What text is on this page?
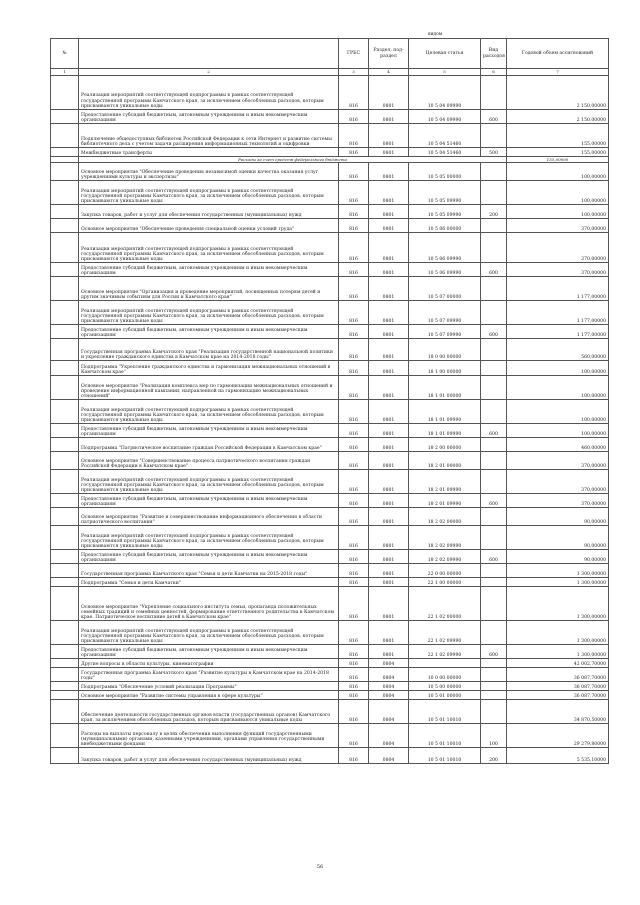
видом
№		ГРБС	Раздел, под-раздел	Целевая статья	Вид расходов	Годовой объем ассигнований
1	2	3	4	5	6	7
	Реализация мероприятий соответствующей подпрограммы в рамках соответствующей государственной программы Камчатского края, за исключением обособленных расходов, которым присваиваются уникальные коды	816	0801	10 5 04 09990		2 150,00000
	Предоставление субсидий бюджетным, автономным учреждениям и иным некоммерческим организациям	816	0801	10 5 04 09990	600	2 150,00000
	Подключение общедоступных библиотек Российской Федерации к сети Интернет и развитие системы библиотечного дела с учетом задачи расширения информационных технологий и оцифровки	816	0801	10 5 04 51460		155,00000
	Межбюджетные трансферты	816	0801	10 5 04 51460	500	155,00000
	Расходы за счет средств федерального бюджета					155,00000
	Основное мероприятие "Обеспечение проведения независимой оценки качества оказания услуг учреждениями культуры и экспертизы"	816	0801	10 5 05 00000		100,00000
	Реализация мероприятий соответствующей подпрограммы в рамках соответствующей государственной программы Камчатского края, за исключением обособленных расходов, которым присваиваются уникальные коды	816	0801	10 5 05 09990		100,00000
	Закупка товаров, работ и услуг для обеспечения государственных (муниципальных) нужд	816	0801	10 5 05 09990	200	100,00000
	Основное мероприятие "Обеспечение проведения специальной оценки условий труда"	816	0801	10 5 06 00000		370,00000
	Реализация мероприятий соответствующей подпрограммы в рамках соответствующей государственной программы Камчатского края, за исключением обособленных расходов, которым присваиваются уникальные коды	816	0801	10 5 06 09990		370,00000
	Предоставление субсидий бюджетным, автономным учреждениям и иным некоммерческим организациям	816	0801	10 5 06 09990	600	370,00000
	Основное мероприятие "Организация и проведение мероприятий, посвященных потерям детей и другим значимым событиям для России и Камчатского края"	816	0801	10 5 07 00000		1 177,00000
	Реализация мероприятий соответствующей подпрограммы в рамках соответствующей государственной программы Камчатского края, за исключением обособленных расходов, которым присваиваются уникальные коды	816	0801	10 5 07 09990		1 177,00000
	Предоставление субсидий бюджетным, автономным учреждениям и иным некоммерческим организациям	816	0801	10 5 07 09990	600	1 177,00000
	Государственная программа Камчатского края "Реализация государственной национальной политики и укрепление гражданского единства в Камчатском крае на 2014-2018 годы"	816	0801	18 0 00 00000		560,00000
	Подпрограмма "Укрепление гражданского единства и гармонизация межнациональных отношений в Камчатском крае"	816	0801	18 1 00 00000		100,00000
	Основное мероприятие "Реализация комплекса мер по гармонизации межнациональных отношений и проведение информационной кампании, направленной на гармонизацию межнациональных отношений"	816	0801	18 1 01 00000		100,00000
	Реализация мероприятий соответствующей подпрограммы в рамках соответствующей государственной программы Камчатского края, за исключением обособленных расходов, которым присваиваются уникальные коды	816	0801	18 1 01 09990		100,00000
	Предоставление субсидий бюджетным, автономным учреждениям и иным некоммерческим организациям	816	0801	18 1 01 09990	600	100,00000
	Подпрограмма "Патриотическое воспитание граждан Российской Федерации в Камчатском крае"	816	0801	18 2 00 00000		460,00000
	Основное мероприятие "Совершенствование процесса патриотического воспитания граждан Российской Федерации в Камчатском крае"	816	0801	18 2 01 00000		370,00000
	Реализация мероприятий соответствующей подпрограммы в рамках соответствующей государственной программы Камчатского края, за исключением обособленных расходов, которым присваиваются уникальные коды	816	0801	18 2 01 09990		370,00000
	Предоставление субсидий бюджетным, автономным учреждениям и иным некоммерческим организациям	816	0801	18 2 01 09990	600	370,00000
	Основное мероприятие "Развитие и совершенствование информационного обеспечения в области патриотического воспитания"	816	0801	18 2 02 00000		90,00000
	Реализация мероприятий соответствующей подпрограммы в рамках соответствующей государственной программы Камчатского края, за исключением обособленных расходов, которым присваиваются уникальные коды	816	0801	18 2 02 09990		90,00000
	Предоставление субсидий бюджетным, автономным учреждениям и иным некоммерческим организациям	816	0801	18 2 02 09990	600	90,00000
	Государственная программа Камчатского края "Семья и дети Камчатки на 2015-2018 годы"	816	0801	22 0 00 00000		1 300,00000
	Подпрограмма "Семья и дети Камчатки"	816	0801	22 1 00 00000		1 300,00000
	Основное мероприятие "Укрепление социального института семьи, пропаганда положительных семейных традиций и семейных ценностей, формирование ответственного родительства в Камчатском крае. Патриотическое воспитание детей в Камчатском крае"	816	0801	22 1 02 00000		1 300,00000
	Реализация мероприятий соответствующей подпрограммы в рамках соответствующей государственной программы Камчатского края, за исключением обособленных расходов, которым присваиваются уникальные коды	816	0801	22 1 02 09990		1 300,00000
	Предоставление субсидий бюджетным, автономным учреждениям и иным некоммерческим организациям	816	0801	22 1 02 09990	600	1 300,00000
	Другие вопросы в области культуры, кинематографии	816	0804			42 002,70000
	Государственная программа Камчатского края "Развитие культуры в Камчатском крае на 2014-2018 годы"	816	0804	10 0 00 00000		36 087,70000
	Подпрограмма "Обеспечение условий реализации Программы"	816	0804	10 5 00 00000		36 087,70000
	Основное мероприятие "Развитие системы управления в сфере культуры"	816	0804	10 5 01 00000		36 087,70000
	Обеспечение деятельности государственных органов власти (государственных органов) Камчатского края, за исключением обособленных расходов, которым присваиваются уникальные коды	816	0804	10 5 01 10010		34 870,50000
	Расходы на выплаты персоналу в целях обеспечения выполнения функций государственными (муниципальными) органами, казенными учреждениями, органами управления государственными внебюджетными фондами	816	0804	10 5 01 10010	100	29 279,80000
	Закупка товаров, работ и услуг для обеспечения государственных (муниципальных) нужд	816	0804	10 5 01 10010	200	5 535,10000
56
